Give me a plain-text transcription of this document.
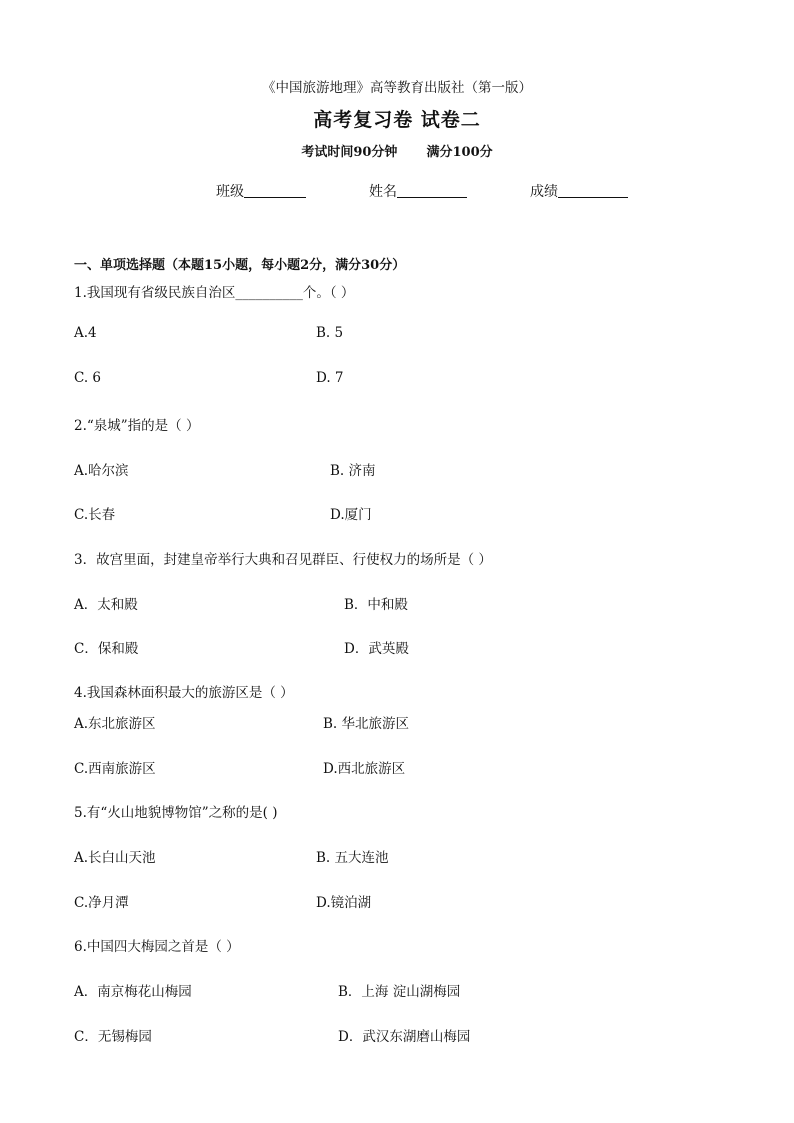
《中国旅游地理》高等教育出版社（第一版）
高考复习卷 试卷二
考试时间90分钟 满分100分
班级	姓名	成绩
一、单项选择题（本题15小题，每小题2分，满分30分）
1.我国现有省级民族自治区__________个。（ ）
A.4	B. 5
C. 6	D. 7
2.“泉城”指的是（ ）
A.哈尔滨	B. 济南
C.长春	D.厦门
3．故宫里面，封建皇帝举行大典和召见群臣、行使权力的场所是（ ）
A．太和殿	B．中和殿
C．保和殿	D．武英殿
4.我国森林面积最大的旅游区是（ ）
A.东北旅游区	B. 华北旅游区
C.西南旅游区	D.西北旅游区
5.有“火山地貌博物馆”之称的是( )
A.长白山天池	B. 五大连池
C.净月潭	D.镜泊湖
6.中国四大梅园之首是（ ）
A．南京梅花山梅园	B．上海 淀山湖梅园
C．无锡梅园	D．武汉东湖磨山梅园
